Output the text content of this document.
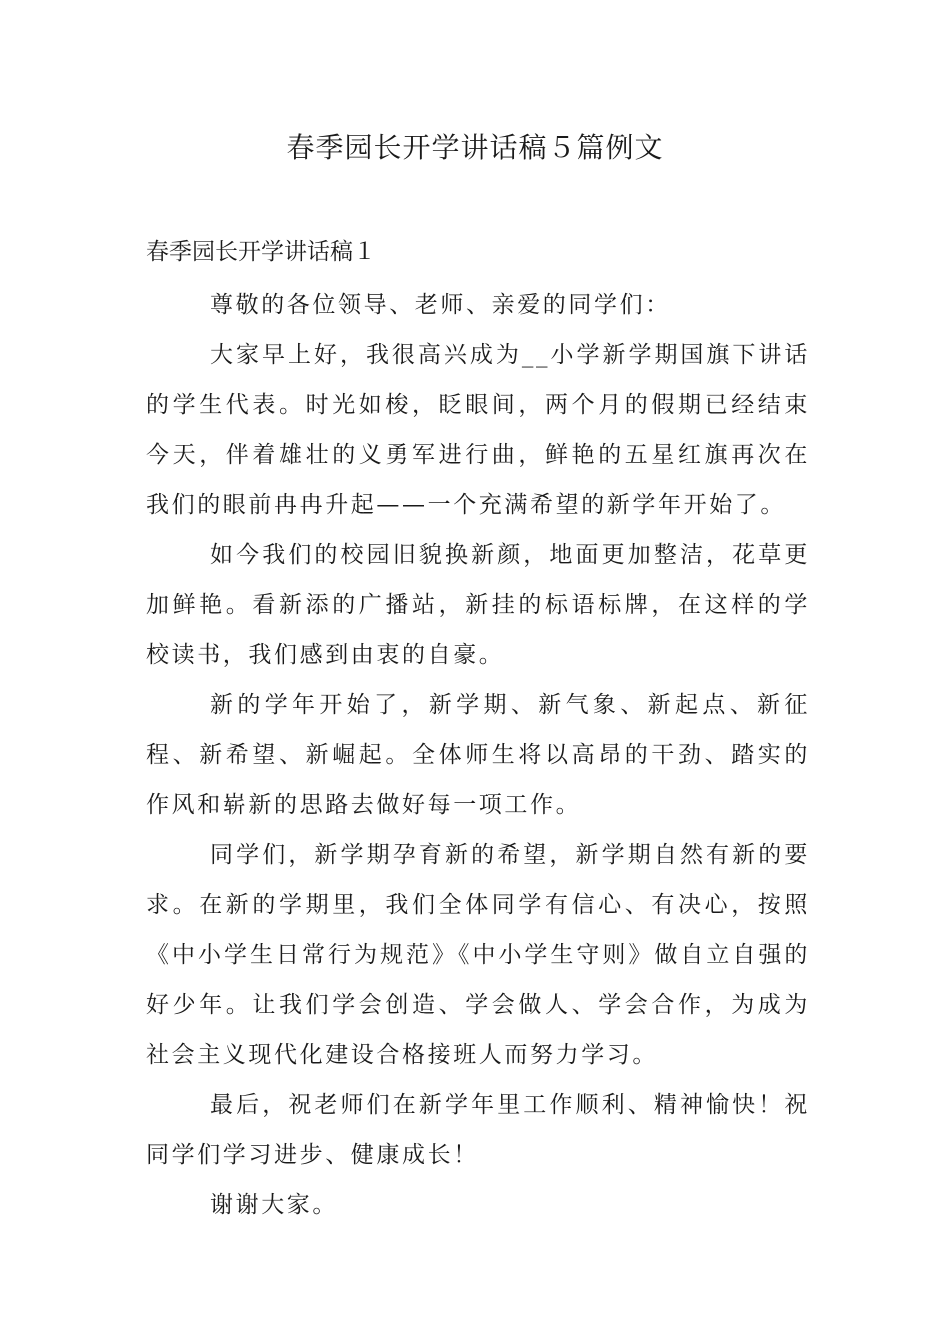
春季园长开学讲话稿５篇例文
春季园长开学讲话稿１

尊敬的各位领导、老师、亲爱的同学们：

大家早上好，我很高兴成为__小学新学期国旗下讲话的学生代表。时光如梭，眨眼间，两个月的假期已经结束今天，伴着雄壮的义勇军进行曲，鲜艳的五星红旗再次在我们的眼前冉冉升起——一个充满希望的新学年开始了。

如今我们的校园旧貌换新颜，地面更加整洁，花草更加鲜艳。看新添的广播站，新挂的标语标牌，在这样的学校读书，我们感到由衷的自豪。

新的学年开始了，新学期、新气象、新起点、新征程、新希望、新崛起。全体师生将以高昂的干劲、踏实的作风和崭新的思路去做好每一项工作。

同学们，新学期孕育新的希望，新学期自然有新的要求。在新的学期里，我们全体同学有信心、有决心，按照《中小学生日常行为规范》《中小学生守则》做自立自强的好少年。让我们学会创造、学会做人、学会合作，为成为社会主义现代化建设合格接班人而努力学习。

最后，祝老师们在新学年里工作顺利、精神愉快！祝同学们学习进步、健康成长！

谢谢大家。
